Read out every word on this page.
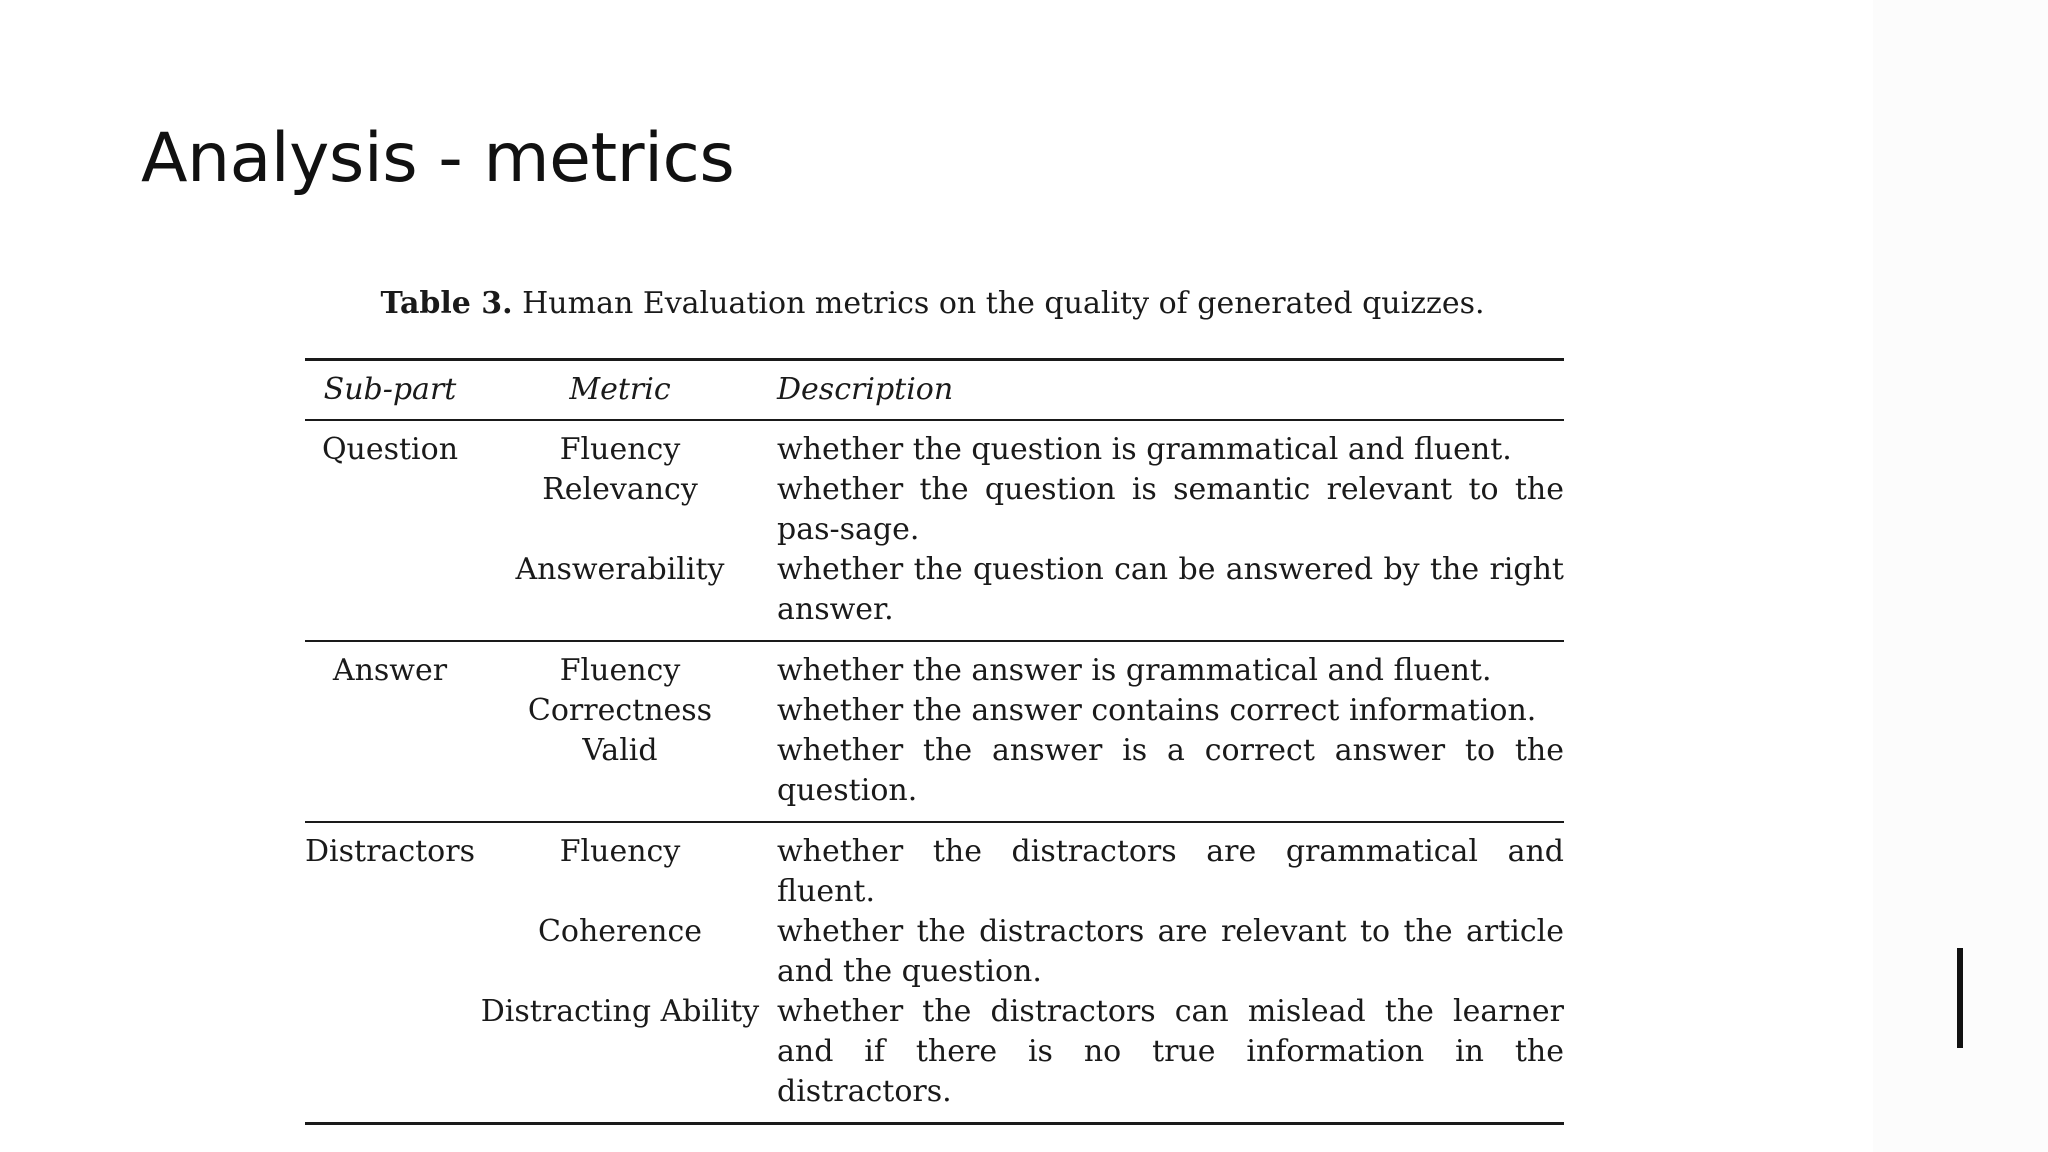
Analysis - metrics

Table 3. Human Evaluation metrics on the quality of generated quizzes.

Sub-part	Metric	Description
Question	Fluency	whether the question is grammatical and fluent.

	Relevancy	whether the question is semantic relevant to the pas-sage.

	Answerability	whether the question can be answered by the right answer.

Answer	Fluency	whether the answer is grammatical and fluent.

	Correctness	whether the answer contains correct information.

	Valid	whether the answer is a correct answer to the question.

Distractors	Fluency	whether the distractors are grammatical and fluent.

	Coherence	whether the distractors are relevant to the article and the question.

	Distracting Ability	whether the distractors can mislead the learner and if there is no true information in the distractors.
